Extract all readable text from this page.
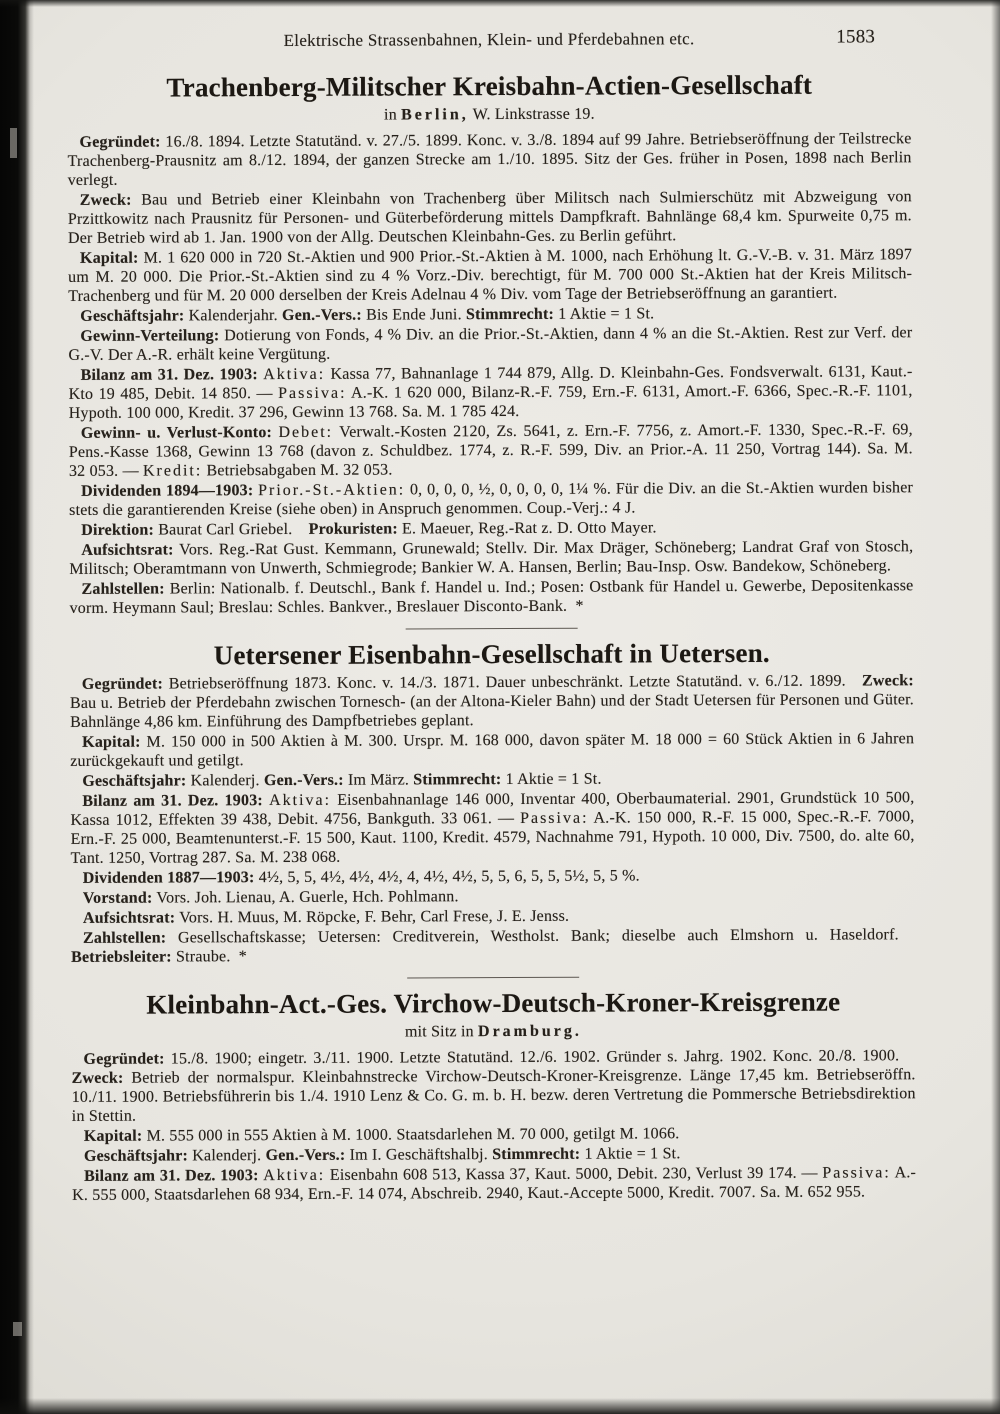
Elektrische Strassenbahnen, Klein- und Pferdebahnen etc.	1583
Trachenberg-Militscher Kreisbahn-Actien-Gesellschaft
in Berlin, W. Linkstrasse 19.

Gegründet: 16./8. 1894. Letzte Statutänd. v. 27./5. 1899. Konc. v. 3./8. 1894 auf 99 Jahre. Betriebseröffnung der Teilstrecke Trachenberg-Prausnitz am 8./12. 1894, der ganzen Strecke am 1./10. 1895. Sitz der Ges. früher in Posen, 1898 nach Berlin verlegt.

Zweck: Bau und Betrieb einer Kleinbahn von Trachenberg über Militsch nach Sulmierschütz mit Abzweigung von Przittkowitz nach Prausnitz für Personen- und Güterbeförderung mittels Dampfkraft. Bahnlänge 68,4 km. Spurweite 0,75 m. Der Betrieb wird ab 1. Jan. 1900 von der Allg. Deutschen Kleinbahn-Ges. zu Berlin geführt.

Kapital: M. 1 620 000 in 720 St.-Aktien und 900 Prior.-St.-Aktien à M. 1000, nach Erhöhung lt. G.-V.-B. v. 31. März 1897 um M. 20 000. Die Prior.-St.-Aktien sind zu 4 % Vorz.-Div. berechtigt, für M. 700 000 St.-Aktien hat der Kreis Militsch-Trachenberg und für M. 20 000 derselben der Kreis Adelnau 4 % Div. vom Tage der Betriebseröffnung an garantiert.

Geschäftsjahr: Kalenderjahr. Gen.-Vers.: Bis Ende Juni. Stimmrecht: 1 Aktie = 1 St.

Gewinn-Verteilung: Dotierung von Fonds, 4 % Div. an die Prior.-St.-Aktien, dann 4 % an die St.-Aktien. Rest zur Verf. der G.-V. Der A.-R. erhält keine Vergütung.

Bilanz am 31. Dez. 1903: Aktiva: Kassa 77, Bahnanlage 1 744 879, Allg. D. Kleinbahn-Ges. Fondsverwalt. 6131, Kaut.-Kto 19 485, Debit. 14 850. — Passiva: A.-K. 1 620 000, Bilanz-R.-F. 759, Ern.-F. 6131, Amort.-F. 6366, Spec.-R.-F. 1101, Hypoth. 100 000, Kredit. 37 296, Gewinn 13 768. Sa. M. 1 785 424.

Gewinn- u. Verlust-Konto: Debet: Verwalt.-Kosten 2120, Zs. 5641, z. Ern.-F. 7756, z. Amort.-F. 1330, Spec.-R.-F. 69, Pens.-Kasse 1368, Gewinn 13 768 (davon z. Schuldbez. 1774, z. R.-F. 599, Div. an Prior.-A. 11 250, Vortrag 144). Sa. M. 32 053. — Kredit: Betriebsabgaben M. 32 053.

Dividenden 1894—1903: Prior.-St.-Aktien: 0, 0, 0, 0, ½, 0, 0, 0, 0, 1¼ %. Für die Div. an die St.-Aktien wurden bisher stets die garantierenden Kreise (siehe oben) in Anspruch genommen. Coup.-Verj.: 4 J.

Direktion: Baurat Carl Griebel. Prokuristen: E. Maeuer, Reg.-Rat z. D. Otto Mayer.

Aufsichtsrat: Vors. Reg.-Rat Gust. Kemmann, Grunewald; Stellv. Dir. Max Dräger, Schöneberg; Landrat Graf von Stosch, Militsch; Oberamtmann von Unwerth, Schmiegrode; Bankier W. A. Hansen, Berlin; Bau-Insp. Osw. Bandekow, Schöneberg.

Zahlstellen: Berlin: Nationalb. f. Deutschl., Bank f. Handel u. Ind.; Posen: Ostbank für Handel u. Gewerbe, Depositenkasse vorm. Heymann Saul; Breslau: Schles. Bankver., Breslauer Disconto-Bank. *

Uetersener Eisenbahn-Gesellschaft in Uetersen.

Gegründet: Betriebseröffnung 1873. Konc. v. 14./3. 1871. Dauer unbeschränkt. Letzte Statutänd. v. 6./12. 1899. Zweck: Bau u. Betrieb der Pferdebahn zwischen Tornesch- (an der Altona-Kieler Bahn) und der Stadt Uetersen für Personen und Güter. Bahnlänge 4,86 km. Einführung des Dampfbetriebes geplant.

Kapital: M. 150 000 in 500 Aktien à M. 300. Urspr. M. 168 000, davon später M. 18 000 = 60 Stück Aktien in 6 Jahren zurückgekauft und getilgt.

Geschäftsjahr: Kalenderj. Gen.-Vers.: Im März. Stimmrecht: 1 Aktie = 1 St.

Bilanz am 31. Dez. 1903: Aktiva: Eisenbahnanlage 146 000, Inventar 400, Oberbaumaterial. 2901, Grundstück 10 500, Kassa 1012, Effekten 39 438, Debit. 4756, Bankguth. 33 061. — Passiva: A.-K. 150 000, R.-F. 15 000, Spec.-R.-F. 7000, Ern.-F. 25 000, Beamtenunterst.-F. 15 500, Kaut. 1100, Kredit. 4579, Nachnahme 791, Hypoth. 10 000, Div. 7500, do. alte 60, Tant. 1250, Vortrag 287. Sa. M. 238 068.

Dividenden 1887—1903: 4½, 5, 5, 4½, 4½, 4½, 4, 4½, 4½, 5, 5, 6, 5, 5, 5½, 5, 5 %.

Vorstand: Vors. Joh. Lienau, A. Guerle, Hch. Pohlmann.

Aufsichtsrat: Vors. H. Muus, M. Röpcke, F. Behr, Carl Frese, J. E. Jenss.

Zahlstellen: Gesellschaftskasse; Uetersen: Creditverein, Westholst. Bank; dieselbe auch Elmshorn u. Haseldorf. Betriebsleiter: Straube. *

Kleinbahn-Act.-Ges. Virchow-Deutsch-Kroner-Kreisgrenze
mit Sitz in Dramburg.

Gegründet: 15./8. 1900; eingetr. 3./11. 1900. Letzte Statutänd. 12./6. 1902. Gründer s. Jahrg. 1902. Konc. 20./8. 1900. Zweck: Betrieb der normalspur. Kleinbahnstrecke Virchow-Deutsch-Kroner-Kreisgrenze. Länge 17,45 km. Betriebseröffn. 10./11. 1900. Betriebsführerin bis 1./4. 1910 Lenz & Co. G. m. b. H. bezw. deren Vertretung die Pommersche Betriebsdirektion in Stettin.

Kapital: M. 555 000 in 555 Aktien à M. 1000. Staatsdarlehen M. 70 000, getilgt M. 1066.

Geschäftsjahr: Kalenderj. Gen.-Vers.: Im I. Geschäftshalbj. Stimmrecht: 1 Aktie = 1 St.

Bilanz am 31. Dez. 1903: Aktiva: Eisenbahn 608 513, Kassa 37, Kaut. 5000, Debit. 230, Verlust 39 174. — Passiva: A.-K. 555 000, Staatsdarlehen 68 934, Ern.-F. 14 074, Abschreib. 2940, Kaut.-Accepte 5000, Kredit. 7007. Sa. M. 652 955.
